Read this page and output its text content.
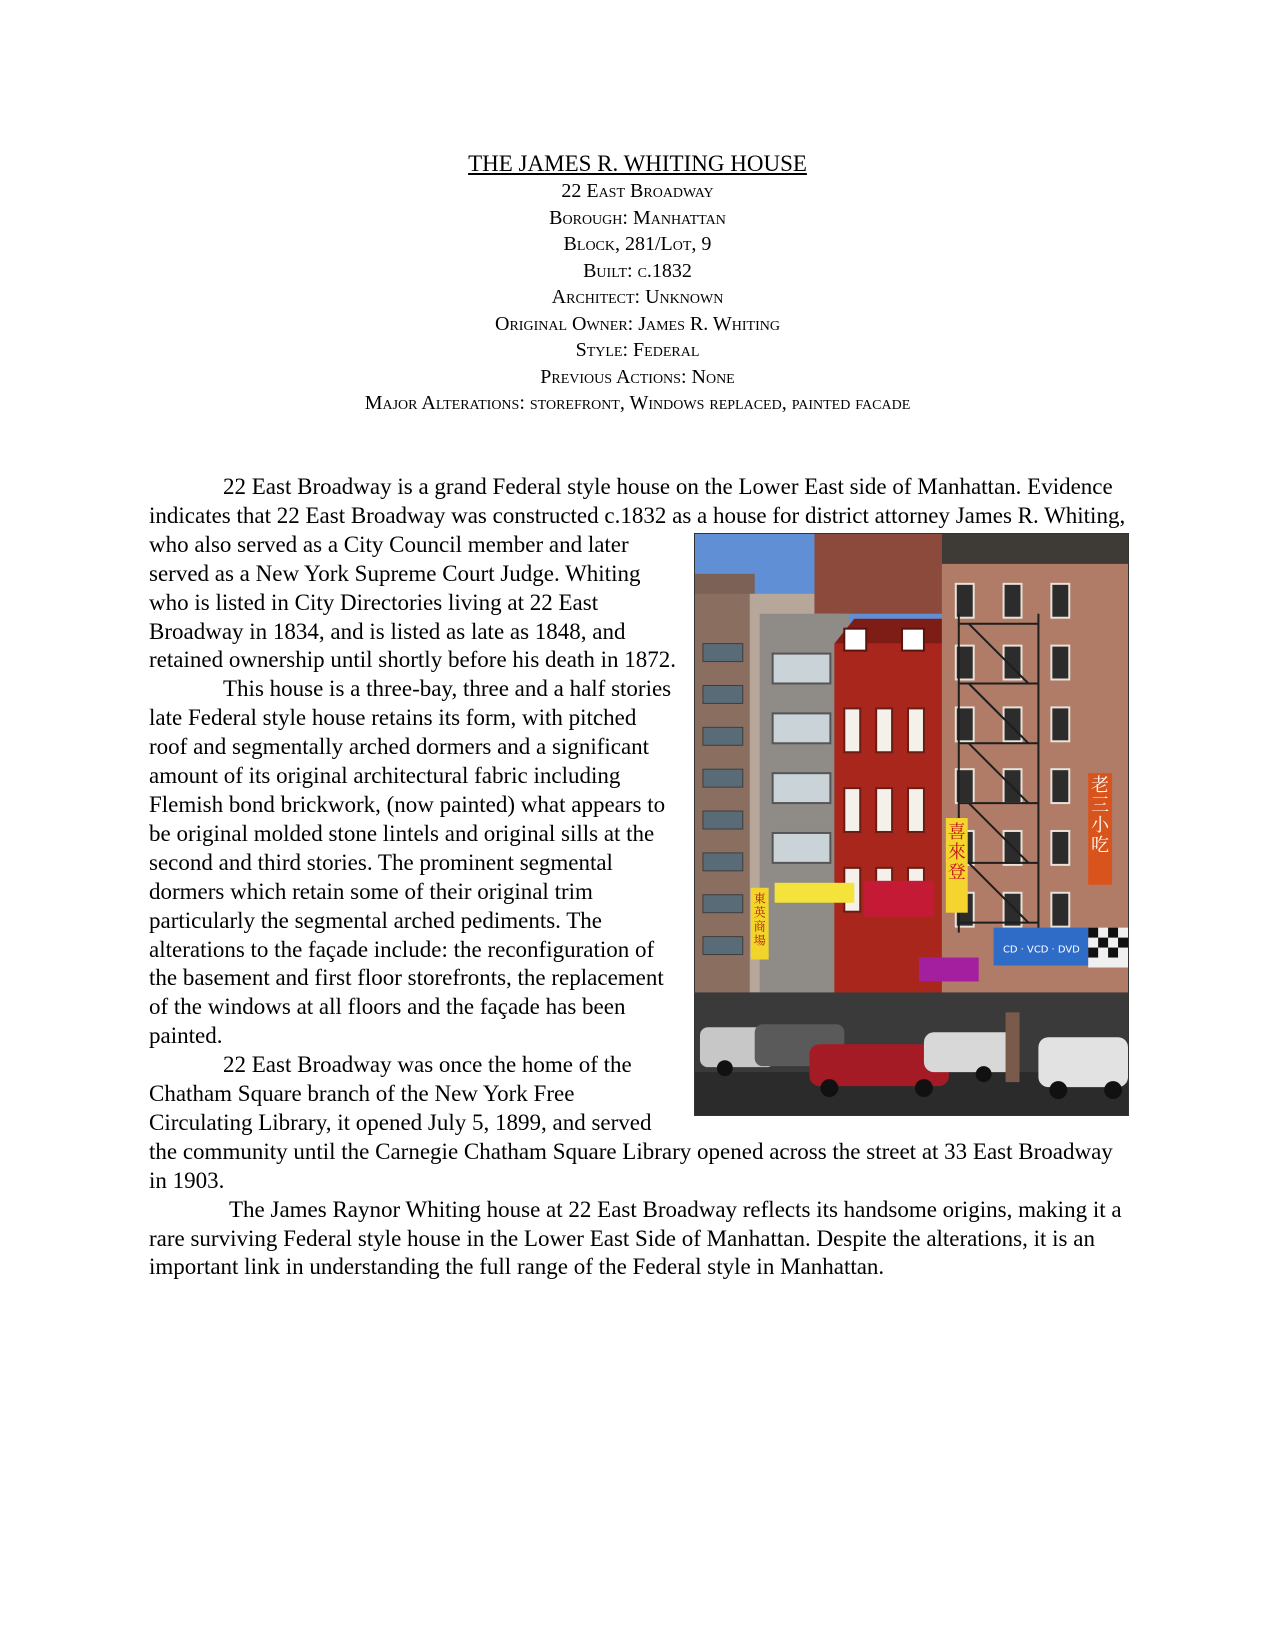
THE JAMES R. WHITING HOUSE
22 East Broadway
Borough: Manhattan
Block, 281/Lot, 9
Built: c.1832
Architect: Unknown
Original Owner: James R. Whiting
Style: Federal
Previous Actions: None
Major Alterations: storefront, Windows replaced, painted facade

22 East Broadway is a grand Federal style house on the Lower East side of Manhattan. Evidence indicates that 22 East Broadway was constructed c.1832 as a house for district attorney
東
英
商
場
喜
來
登
老
三
小
吃
CD · VCD · DVD
James R. Whiting, who also served as a City Council member and later served as a New York Supreme Court Judge. Whiting who is listed in City Directories living at 22 East Broadway in 1834, and is listed as late as 1848, and retained ownership until shortly before his death in 1872.

This house is a three-bay, three and a half stories late Federal style house retains its form, with pitched roof and segmentally arched dormers and a significant amount of its original architectural fabric including Flemish bond brickwork, (now painted) what appears to be original molded stone lintels and original sills at the second and third stories. The prominent segmental dormers which retain some of their original trim particularly the segmental arched pediments. The alterations to the façade include: the reconfiguration of the basement and first floor storefronts, the replacement of the windows at all floors and the façade has been painted.

22 East Broadway was once the home of the Chatham Square branch of the New York Free Circulating Library, it opened July 5, 1899, and served the community until the Carnegie Chatham Square Library opened across the street at 33 East Broadway in 1903.

The James Raynor Whiting house at 22 East Broadway reflects its handsome origins, making it a rare surviving Federal style house in the Lower East Side of Manhattan. Despite the alterations, it is an important link in understanding the full range of the Federal style in Manhattan.
